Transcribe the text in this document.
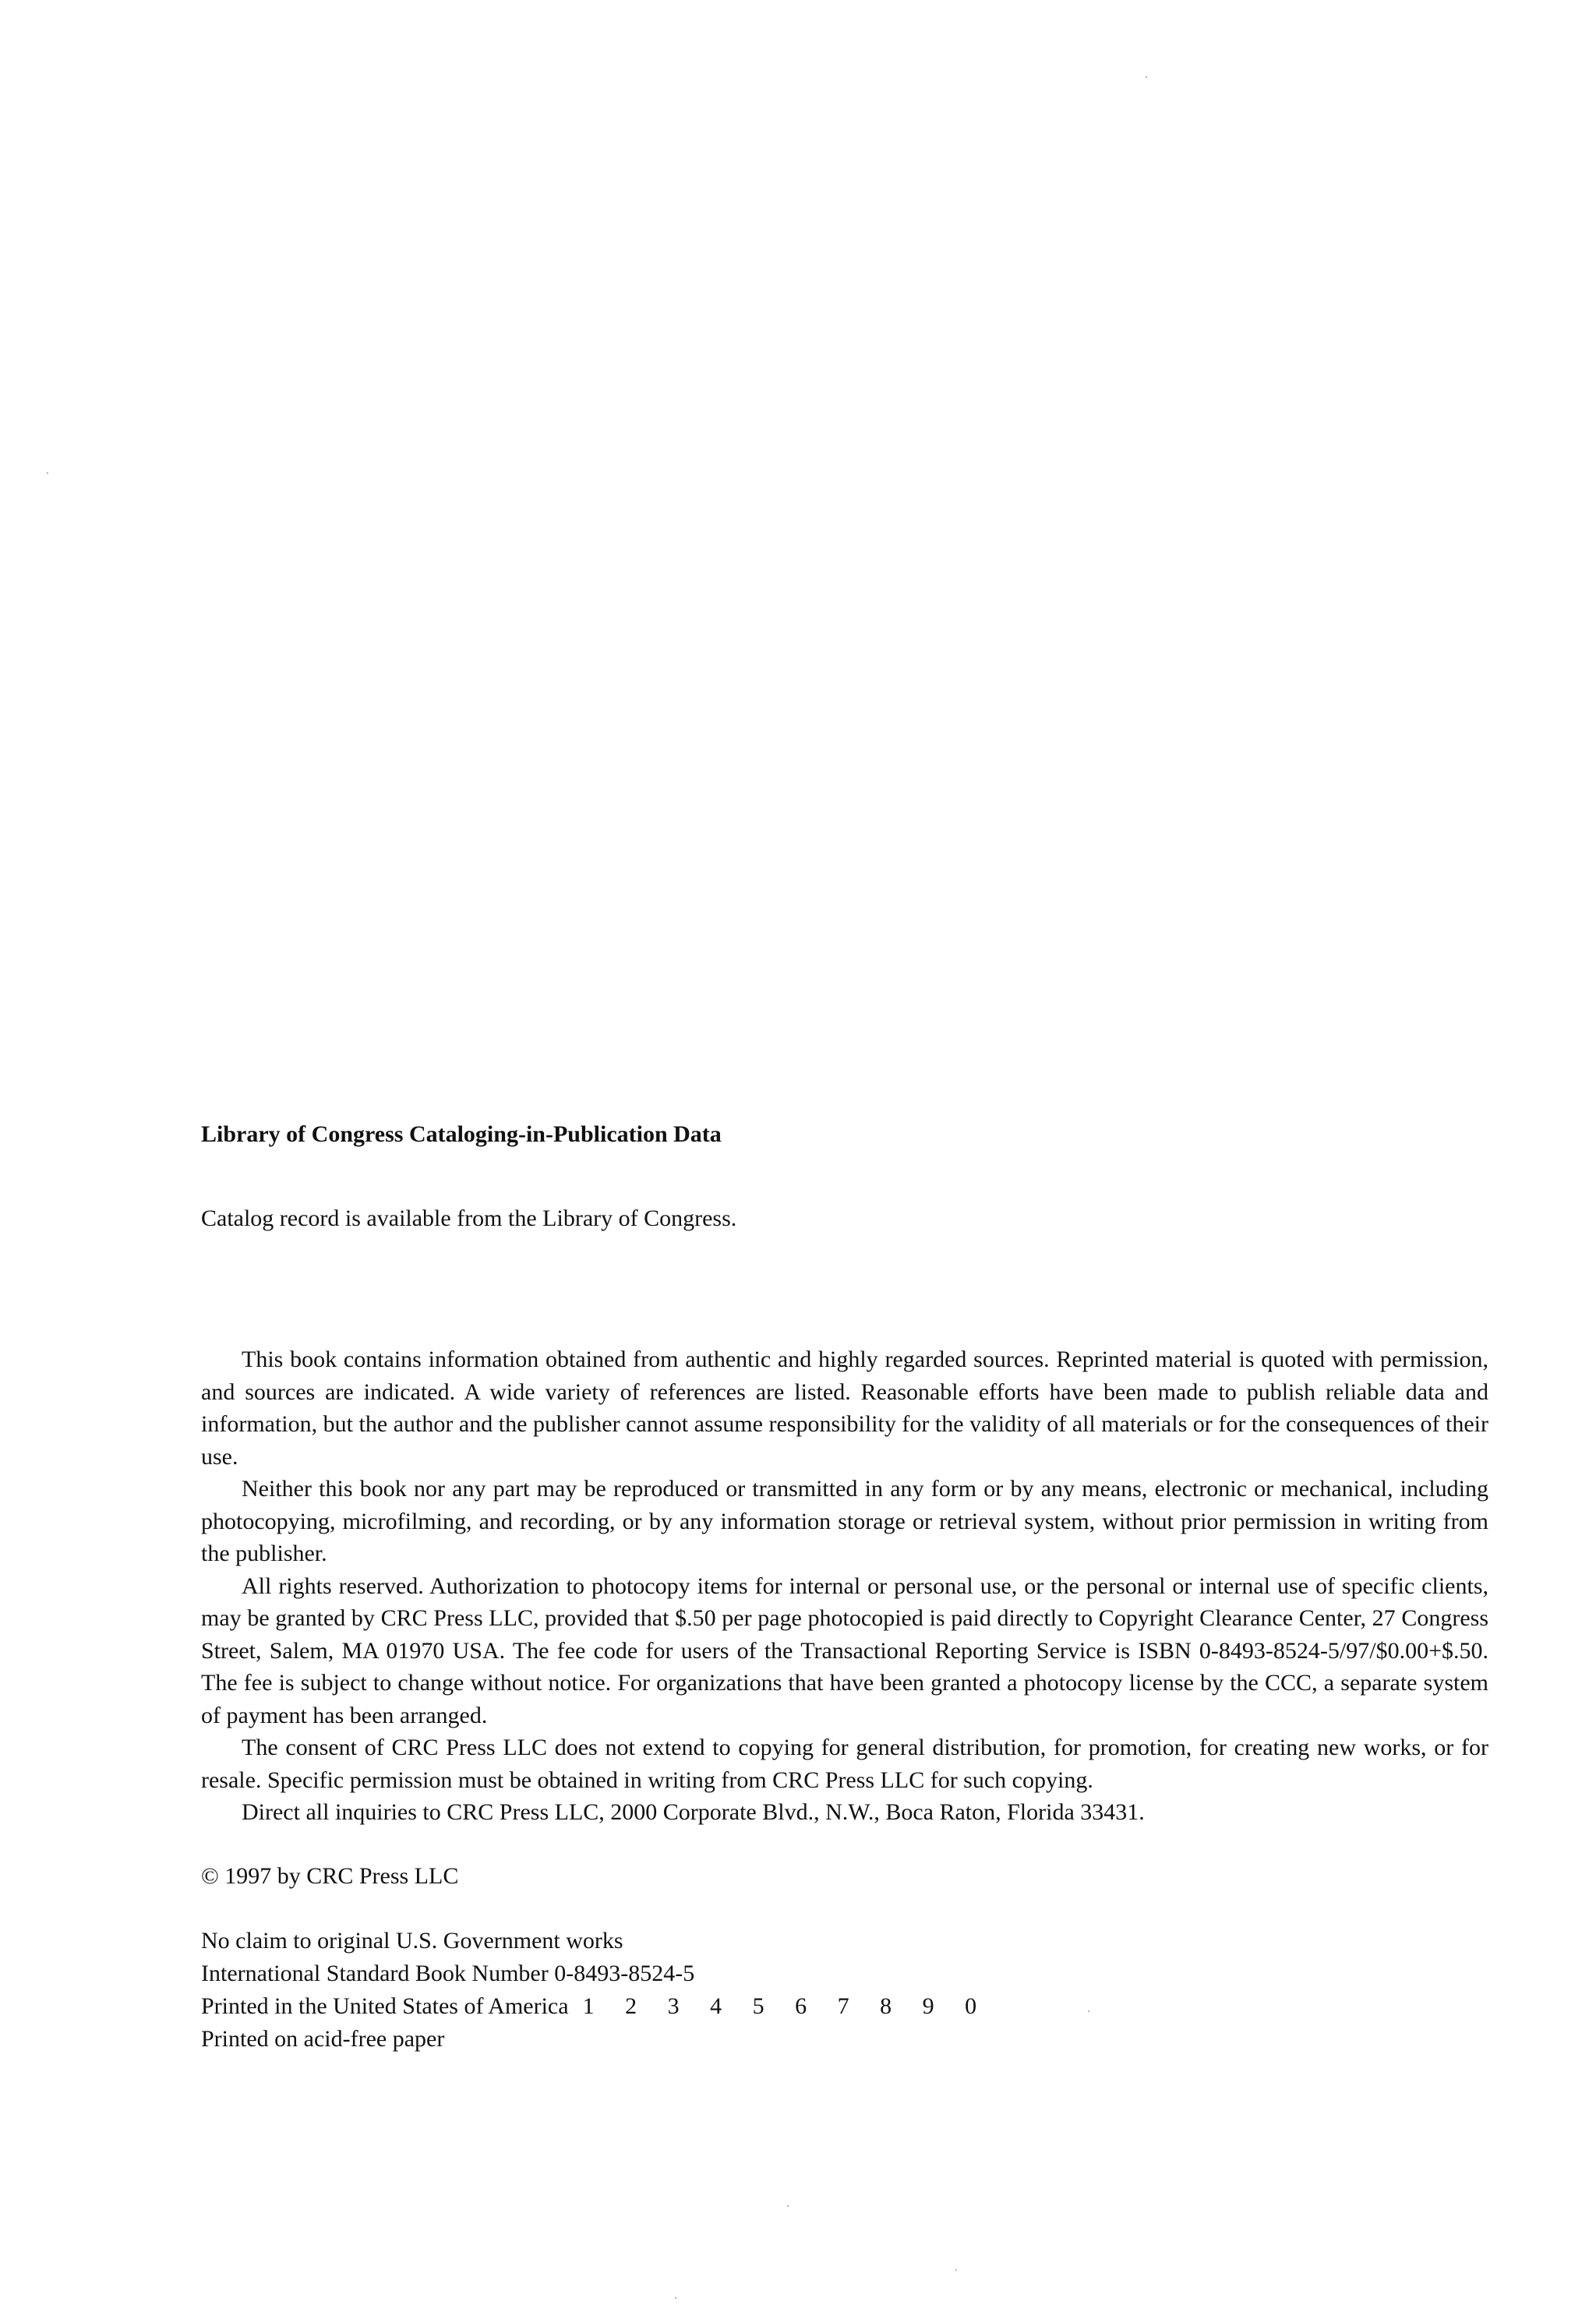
Library of Congress Cataloging-in-Publication Data

Catalog record is available from the Library of Congress.

This book contains information obtained from authentic and highly regarded sources. Reprinted material is quoted with permission, and sources are indicated. A wide variety of references are listed. Reasonable efforts have been made to publish reliable data and information, but the author and the publisher cannot assume responsibility for the validity of all materials or for the consequences of their use.

Neither this book nor any part may be reproduced or transmitted in any form or by any means, electronic or mechanical, including photocopying, microfilming, and recording, or by any information storage or retrieval system, without prior permission in writing from the publisher.

All rights reserved. Authorization to photocopy items for internal or personal use, or the personal or internal use of specific clients, may be granted by CRC Press LLC, provided that $.50 per page photocopied is paid directly to Copyright Clearance Center, 27 Congress Street, Salem, MA 01970 USA. The fee code for users of the Transactional Reporting Service is ISBN 0-8493-8524-5/97/$0.00+$.50. The fee is subject to change without notice. For organizations that have been granted a photocopy license by the CCC, a separate system of payment has been arranged.

The consent of CRC Press LLC does not extend to copying for general distribution, for promotion, for creating new works, or for resale. Specific permission must be obtained in writing from CRC Press LLC for such copying.

Direct all inquiries to CRC Press LLC, 2000 Corporate Blvd., N.W., Boca Raton, Florida 33431.

© 1997 by CRC Press LLC

No claim to original U.S. Government works
International Standard Book Number 0-8493-8524-5
Printed in the United States of America 1 2 3 4 5 6 7 8 9 0
Printed on acid-free paper
